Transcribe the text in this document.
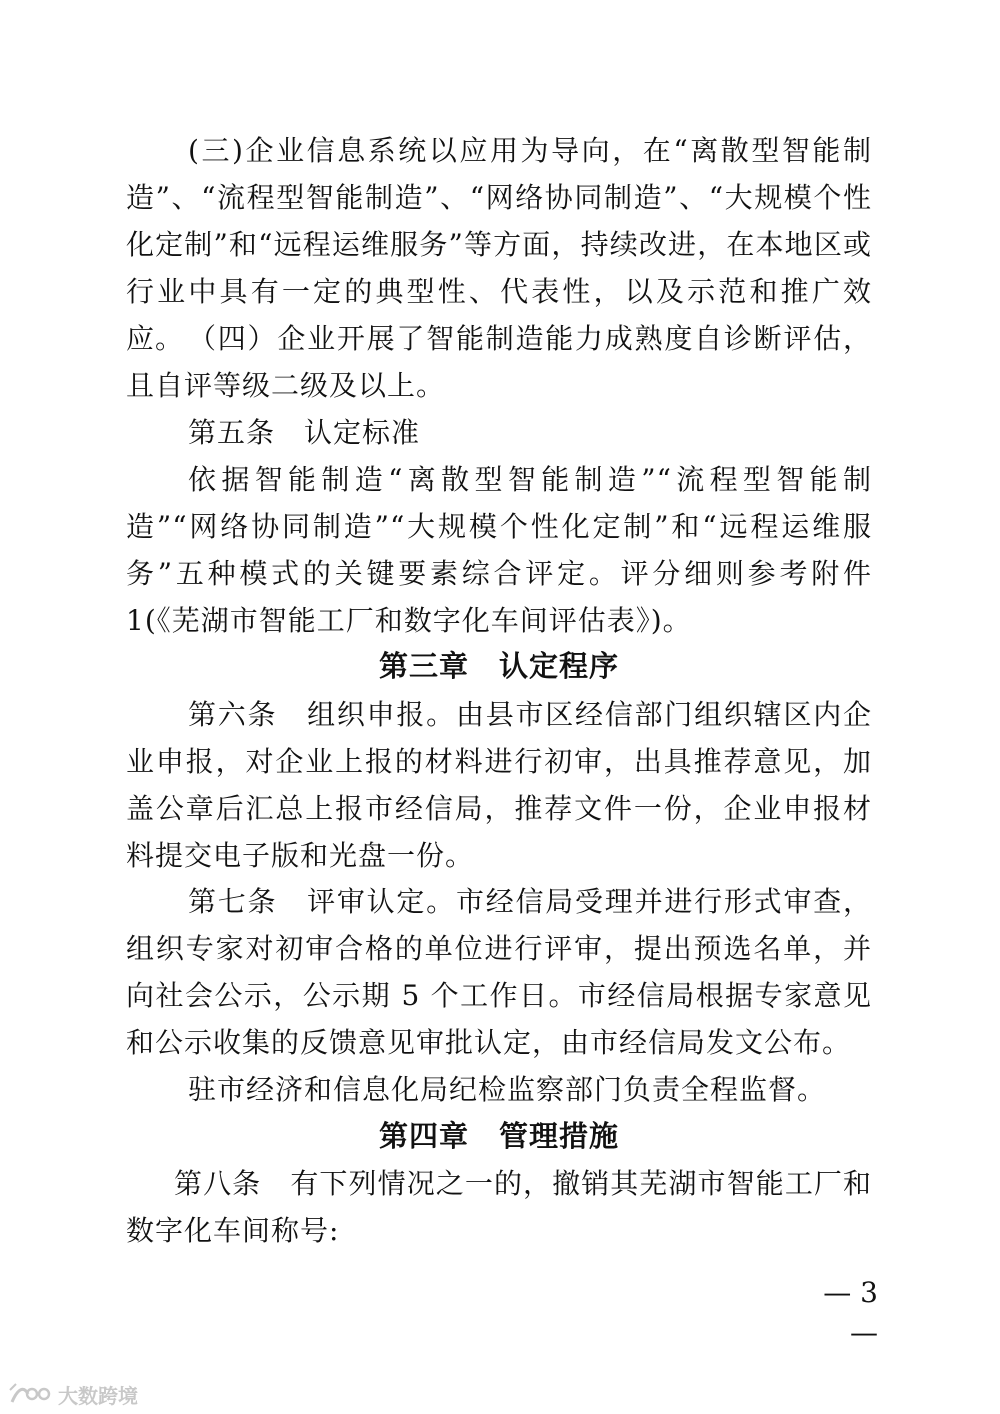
(三)企业信息系统以应用为导向，在“离散型智能制造”、“流程型智能制造”、“网络协同制造”、“大规模个性化定制”和“远程运维服务”等方面，持续改进，在本地区或行业中具有一定的典型性、代表性，以及示范和推广效应。 （四）企业开展了智能制造能力成熟度自诊断评估，且自评等级二级及以上。

第五条　认定标准

依据智能制造“离散型智能制造”“流程型智能制造”“网络协同制造”“大规模个性化定制”和“远程运维服务”五种模式的关键要素综合评定。评分细则参考附件 1(《芜湖市智能工厂和数字化车间评估表》)。

第三章　认定程序

第六条　组织申报。由县市区经信部门组织辖区内企业申报，对企业上报的材料进行初审，出具推荐意见，加盖公章后汇总上报市经信局，推荐文件一份，企业申报材料提交电子版和光盘一份。

第七条　评审认定。市经信局受理并进行形式审查，组织专家对初审合格的单位进行评审，提出预选名单，并向社会公示，公示期 5 个工作日。市经信局根据专家意见和公示收集的反馈意见审批认定，由市经信局发文公布。

驻市经济和信息化局纪检监察部门负责全程监督。

第四章　管理措施

第八条　有下列情况之一的，撤销其芜湖市智能工厂和数字化车间称号:

— 3 —
大数跨境
